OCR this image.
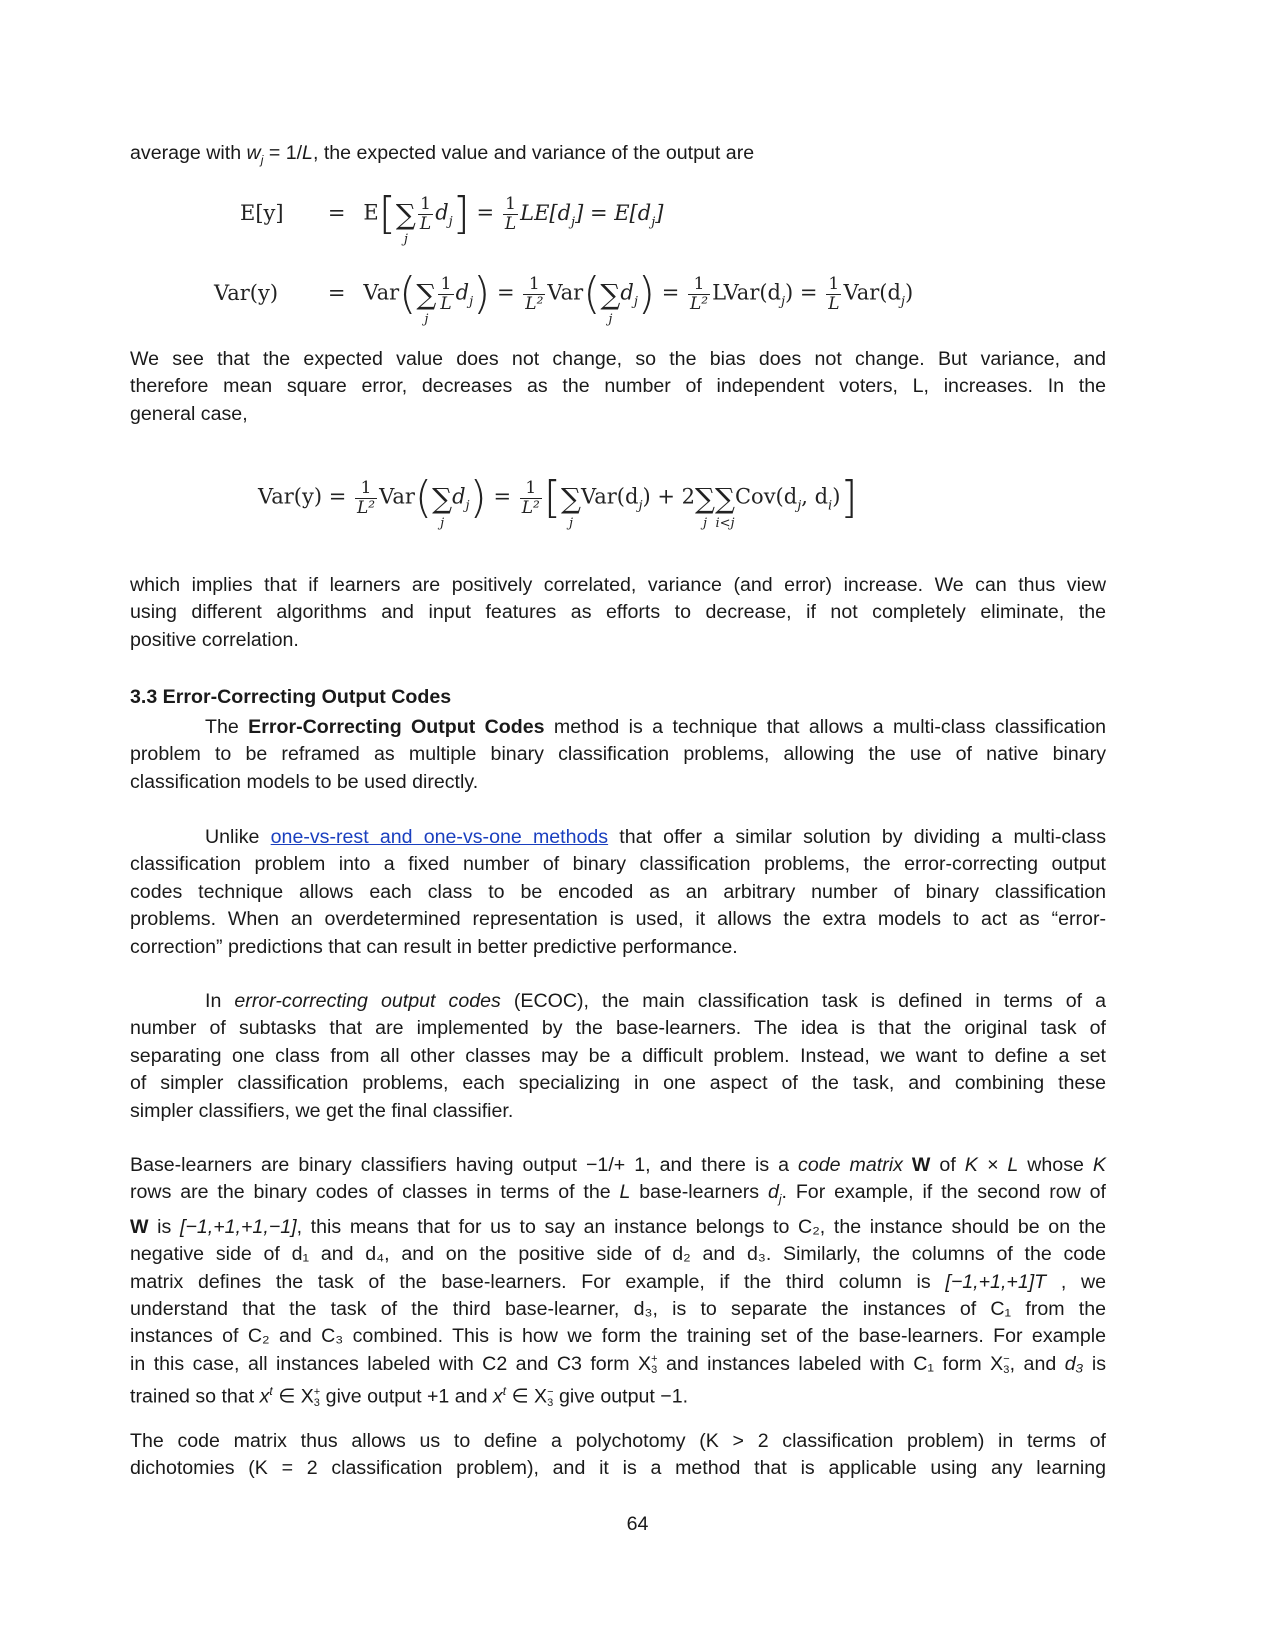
average with $w_j = 1/L$, the expected value and variance of the output are
E[y] = E[∑
j
$\frac{1}{L} d_j] = \frac{1}{L} LE[d_j] = E[d_j]$
Var(y) = Var(∑
j
$\frac{1}{L} d_j) = \frac{1}{\text{L²}} Var(\sum$
j
$d_j) = \frac{1}{\text{L²}}$ $LVar(d_j) = \frac{1}{L} Var(d_j)$
We see that the expected value does not change, so the bias does not change. But variance, and
therefore mean square error, decreases as the number of independent voters, L, increases. In the
general case,
$Var(y) = \frac{1}{\text{L²}} Var(\sum$
j
$d_j) = \frac{1}{\text{L²}}$ [∑
j
$Var(d_j) + 2\sum$
j
∑
i<j
$Cov(d_j$, $d_i$)]
which implies that if learners are positively correlated, variance (and error) increase. We can thus view
using different algorithms and input features as efforts to decrease, if not completely eliminate, the
positive correlation.
3.3 Error-Correcting Output Codes
The Error-Correcting Output Codes method is a technique that allows a multi-class classification
problem to be reframed as multiple binary classification problems, allowing the use of native binary
classification models to be used directly.
Unlike one-vs-rest and one-vs-one methods that offer a similar solution by dividing a multi-class
classification problem into a fixed number of binary classification problems, the error-correcting output
codes technique allows each class to be encoded as an arbitrary number of binary classification
problems. When an overdetermined representation is used, it allows the extra models to act as “error-
correction” predictions that can result in better predictive performance.
In error-correcting output codes (ECOC), the main classification task is defined in terms of a
number of subtasks that are implemented by the base-learners. The idea is that the original task of
separating one class from all other classes may be a difficult problem. Instead, we want to define a set
of simpler classification problems, each specializing in one aspect of the task, and combining these
simpler classifiers, we get the final classifier.
Base-learners are binary classifiers having output −1/+ 1, and there is a code matrix W of K × L whose K
rows are the binary codes of classes in terms of the L base-learners $d_j$. For example, if the second row of
W is [−1,+1,+1,−1], this means that for us to say an instance belongs to C₂, the instance should be on the
negative side of d₁ and d₄, and on the positive side of d₂ and d₃. Similarly, the columns of the code
matrix defines the task of the base-learners. For example, if the third column is [−1,+1,+1]T , we
understand that the task of the third base-learner, d₃, is to separate the instances of C₁ from the
instances of C₂ and C₃ combined. This is how we form the training set of the base-learners. For example
in this case, all instances labeled with C2 and C3 form X +
3 and instances labeled with C₁ form X −
3 , and d₃ is
trained so that $x^t$ ∈ X +
3 give output +1 and $x^t$ ∈ X −
3 give output −1.
The code matrix thus allows us to define a polychotomy (K > 2 classification problem) in terms of
dichotomies (K = 2 classification problem), and it is a method that is applicable using any learning
64
